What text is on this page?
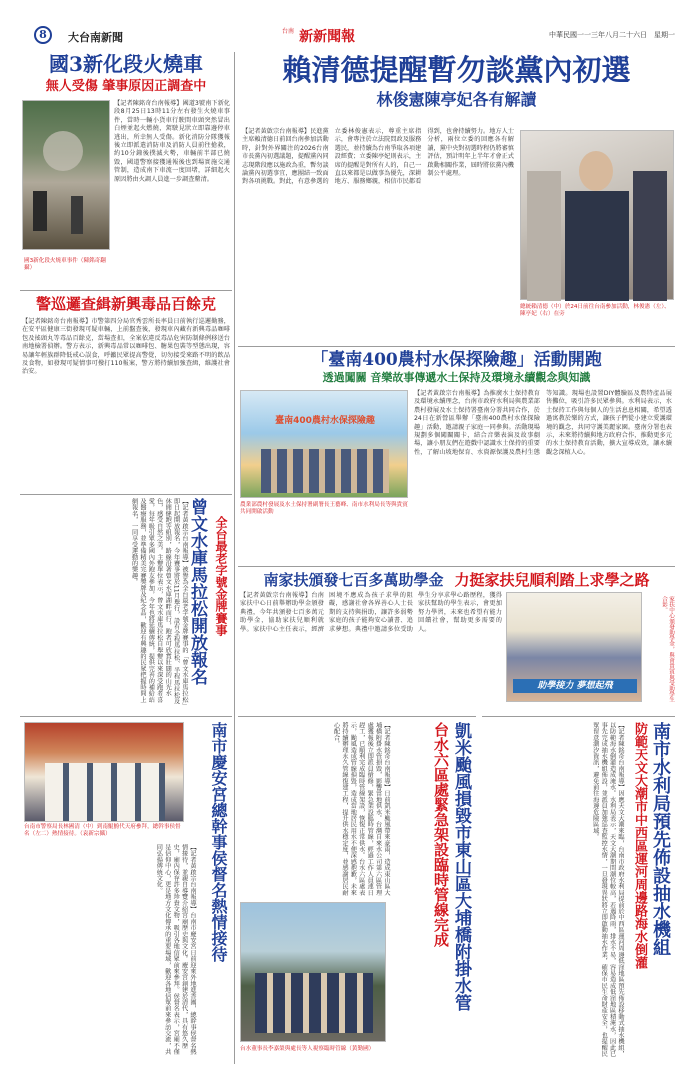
8	大台南新聞	$^{台南}$ 新新聞報	中華民國一一三年八月二十六日　星期一
國3新化段火燒車
無人受傷 肇事原因正調查中
【記者陳銘奇台南報導】國道3號南下新化段8月25日13時11分左右發生火燒車事件，當時一輛小貨車行駛間車頭突然冒出白煙並起火燃燒，駕駛見狀立即靠邊停車逃出，所幸無人受傷。新化消防分隊獲報後立即派遣消防車及消防人員前往搶救，約10分鐘後撲滅火勢，車輛前半部已燒毀，國道警察接獲通報後也到場實施交通管制，造成南下車流一度回堵，詳細起火原因將由火調人員進一步調查釐清。
國3新化段火燒車事件（陳銘奇翻攝）
警巡邏查緝新興毒品百餘克
【記者陳銘奇台南報導】市警第四分局官秀雲所長率員日前執行巡邏勤務，在安平區健康三街發現可疑車輛，上前盤查後，發現車內藏有新興毒品咖啡包及搖頭丸等毒品百餘克，當場查扣，全案依違反毒品危害防制條例移送台南地檢署偵辦。警方表示，新興毒品常以咖啡包、糖果包裝等型態出現，容易讓年輕族群降低戒心誤食，呼籲民眾提高警覺，切勿接受來路不明的飲品及食物，如發現可疑情事可撥打110報案，警方將持續加強查緝，維護社會治安。
賴清德提醒暫勿談黨內初選
林俊憲陳亭妃各有解讀
【記者黃啟宗台南報導】民進黨主席賴清德日前回台南參加活動時，針對外界關注的2026台南市長黨內初選議題，提醒黨內同志現階段應以施政為重，暫勿談論黨內初選事宜，應團結一致面對各項挑戰。對此，有意參選的立委林俊憲表示，尊重主席指示，會專注於立法院問政及服務選民，並持續為台南爭取各項建設經費；立委陳亭妃則表示，主席的提醒是對所有人的，自己一直以來都是以做事為優先，深耕地方、服務鄉親，相信市民都看得到，也會持續努力。地方人士分析，兩位立委的回應各有解讀，黨中央對初選時程仍將審慎評估，預計明年上半年才會正式啟動相關作業，屆時將依黨內機制公平處理。
總統賴清德（中）於24日前往台南參加活動，林俊憲（左）、陳亭妃（右）在旁
「臺南400農村水保探險趣」活動開跑
透過闖關 音樂故事傳遞水土保持及環境永續觀念與知識
臺南400農村水保探險趣
農業部農村發展及水土保持署副署長王藝峰、南市水利局長等與貴賓共同開啟活動
【記者黃啟宗台南報導】為推廣水土保持教育及環境永續理念，台南市政府水利局與農業部農村發展及水土保持署臺南分署共同合作，於24日在新營區舉辦「臺南400農村水保探險趣」活動，邀請親子家庭一同參與。活動現場規劃多個闖關關卡，結合音樂表演及故事劇場，讓小朋友們在遊戲中認識水土保持的重要性，了解山坡地保育、水資源保護及農村生態等知識。現場也設置DIY體驗區及農特產品展售攤位，吸引許多民眾參與。水利局表示，水土保持工作與每個人的生活息息相關，希望透過寓教於樂的方式，讓孩子們從小建立愛護環境的觀念，共同守護美麗家園。臺南分署也表示，未來將持續與地方政府合作，推動更多元的水土保持教育活動，擴大宣導成效，讓永續觀念深植人心。
全台最老字號金牌賽事
曾文水庫馬拉松開放報名
【記者黃啟宗台南報導】被譽為全台最老字號金牌賽事的「曾文水庫馬拉松」即日起開放報名，今年賽事將於11月舉行，設有全程馬拉松、半程馬拉松及休閒健跑等組別，路線沿著曾文水庫湖畔而行，跑者可欣賞壯闊的山光水色，感受自然之美。主辦單位表示，曾文水庫馬拉松自舉辦以來深受跑者喜愛，每年吸引眾多國內外跑友參加，今年也將延續傳統，提供完善的補給站及醫療服務，並準備精美完賽獎牌及紀念品，歡迎有興趣的民眾把握時間上網報名，一同享受運動的樂趣。	南家扶頒發七百多萬助學金 力挺家扶兒順利踏上求學之路
【記者黃啟宗台南報導】台南家扶中心日前舉辦助學金頒發典禮，今年共頒發七百多萬元助學金，協助家扶兒順利就學。家扶中心主任表示，經濟困境不應成為孩子求學的阻礙，感謝社會各界善心人士長期的支持與捐助，讓許多弱勢家庭的孩子能夠安心讀書、追求夢想。典禮中邀請多位受助學生分享求學心路歷程，獲得家扶幫助的學生表示，會更加努力學習，未來也希望有能力回饋社會，幫助更多需要的人。
助學接力 夢想起飛	家扶中心頒發助學金，與會貴賓與受助學生合影。
台南市警察局長林國清（中）到南鯤鯓代天府參拜，總幹事侯督名（左二）熱情接待。（袁新宗攝）	南市慶安宮總幹事侯督名熱情接待
【記者黃啟宗台南報導】台南市慶安宮日前迎來外地進香團，總幹事侯督名熱情接待，並親自導覽介紹宮廟歷史與文化。慶安宮創建於清代，具有悠久歷史，廟內保存許多珍貴文物，吸引各地信眾前來參拜。侯督名表示，宮廟不僅是信仰中心，更是地方文化傳承的重要場域，歡迎各地信眾前來參訪交流，共同弘揚傳統文化。	凱米颱風損毀市東山區大埔橋附掛水管
台水六區處緊急架設臨時管線完成
【記者陳銘奇台南報導】日前凱米颱風帶來豪雨，造成東山區大埔橋附掛水管損毀，影響當地供水。台灣自來水公司第六區管理處獲報後立即派員搶修，緊急架設臨時管線，經過工作人員連日趕工，已順利完成臨時管線架設，恢復正常供水。台水六區處表示，颱風造成管線損毀，造成當地居民用水不便深感抱歉，未來將持續辦理永久管線復建工程，提升供水穩定度，並感謝居民耐心配合。
台水董事長李嘉榮與處長等人視察臨時管線（黃勤國）
南市水利局預先佈設抽水機組
防範天文大潮市中西區運河周邊路海水倒灌
【記者陳銘奇台南報導】因應天文大潮來臨，台南市政府水利局提前於中西區運河周邊低窪地區預先佈設移動式抽水機組，以防範海水倒灌造成淹水。水利局表示，天文大潮期間潮位較高，若遇降雨，排水不易，容易造成低窪地區積淹水，因此已事先完成抽水機組佈設，並派員加強巡查監控水情，一旦發現異狀將立即啟動抽水作業，確保市民生命財產安全，也提醒民眾留意潮汐資訊，避免前往海邊危險區域。
